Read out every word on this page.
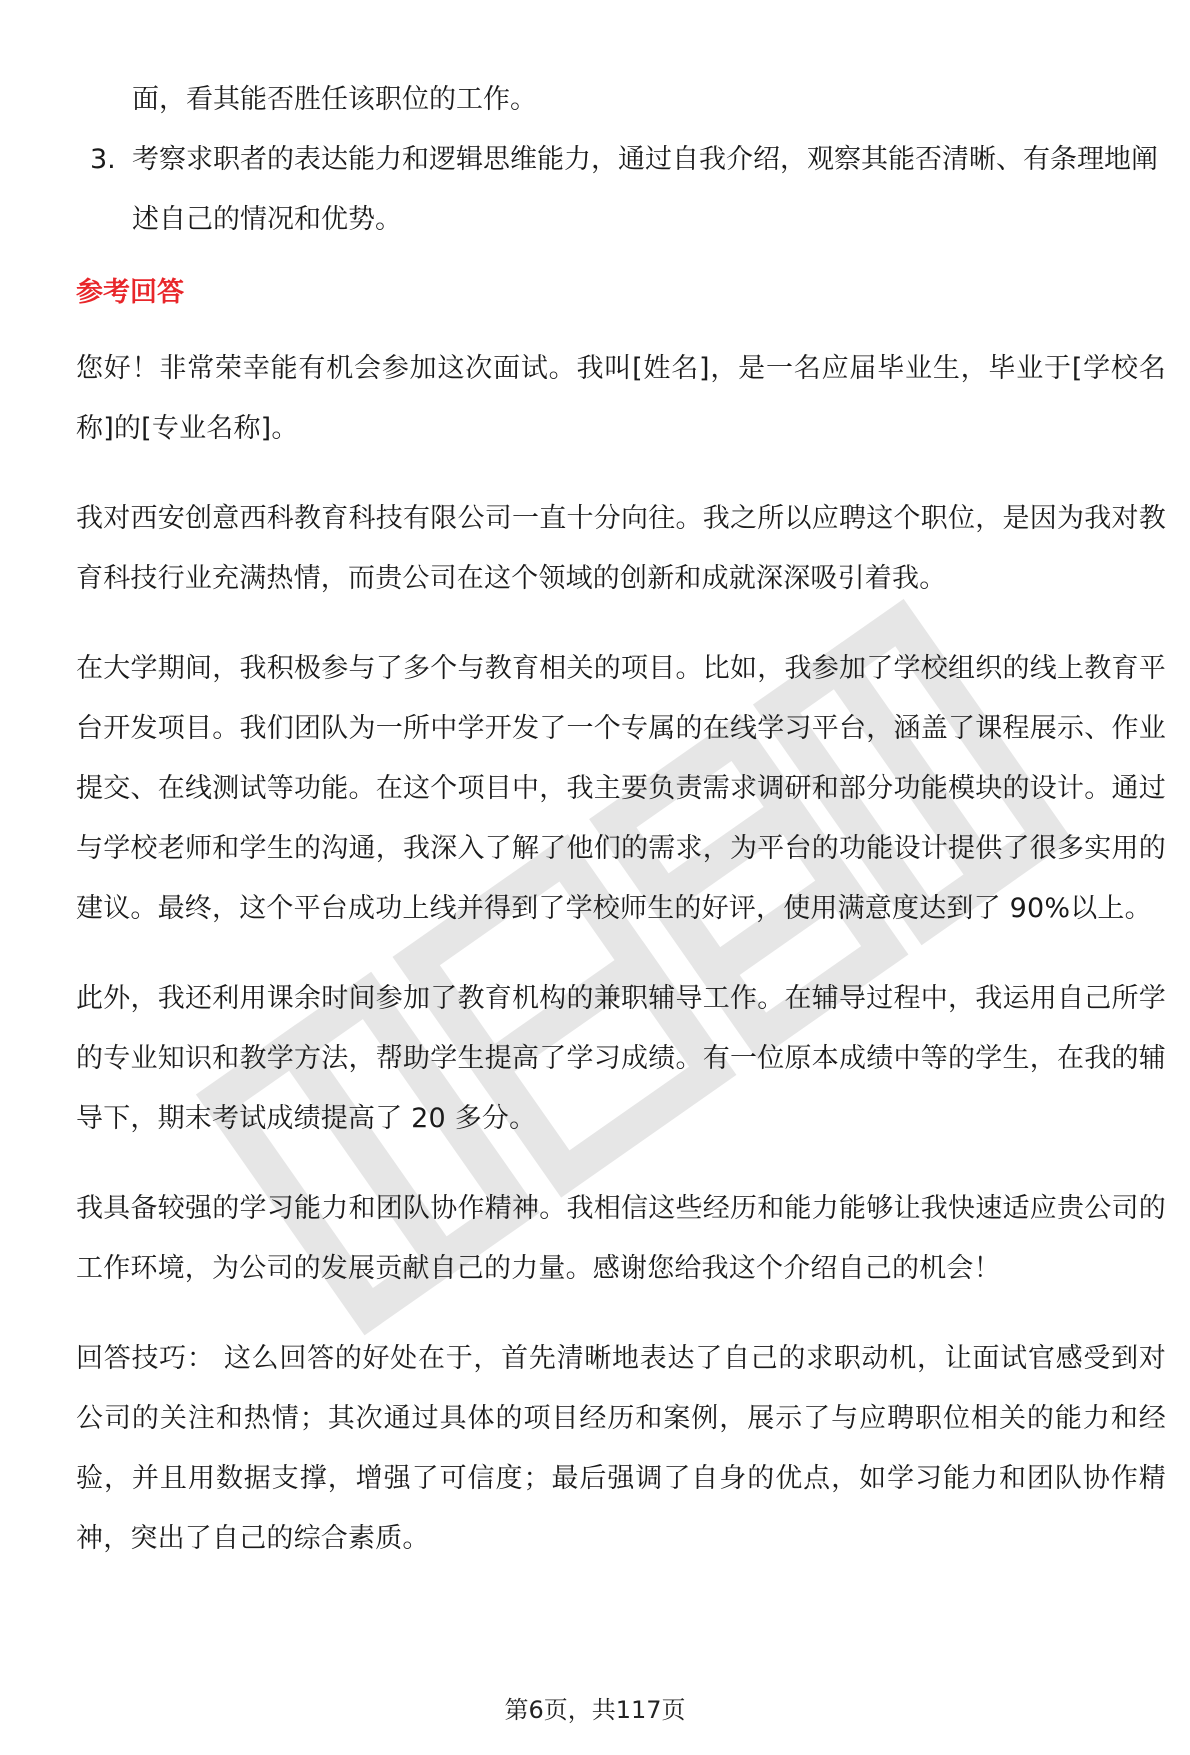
面，看其能否胜任该职位的工作。

3. 考察求职者的表达能力和逻辑思维能力，通过自我介绍，观察其能否清晰、有条理地阐述自己的情况和优势。
参考回答

您好！非常荣幸能有机会参加这次面试。我叫[姓名]，是一名应届毕业生，毕业于[学校名称]的[专业名称]。

我对西安创意西科教育科技有限公司一直十分向往。我之所以应聘这个职位，是因为我对教育科技行业充满热情，而贵公司在这个领域的创新和成就深深吸引着我。

在大学期间，我积极参与了多个与教育相关的项目。比如，我参加了学校组织的线上教育平台开发项目。我们团队为一所中学开发了一个专属的在线学习平台，涵盖了课程展示、作业提交、在线测试等功能。在这个项目中，我主要负责需求调研和部分功能模块的设计。通过与学校老师和学生的沟通，我深入了解了他们的需求，为平台的功能设计提供了很多实用的建议。最终，这个平台成功上线并得到了学校师生的好评，使用满意度达到了 90%以上。

此外，我还利用课余时间参加了教育机构的兼职辅导工作。在辅导过程中，我运用自己所学的专业知识和教学方法，帮助学生提高了学习成绩。有一位原本成绩中等的学生，在我的辅导下，期末考试成绩提高了 20 多分。

我具备较强的学习能力和团队协作精神。我相信这些经历和能力能够让我快速适应贵公司的工作环境，为公司的发展贡献自己的力量。感谢您给我这个介绍自己的机会！

回答技巧： 这么回答的好处在于，首先清晰地表达了自己的求职动机，让面试官感受到对公司的关注和热情；其次通过具体的项目经历和案例，展示了与应聘职位相关的能力和经验，并且用数据支撑，增强了可信度；最后强调了自身的优点，如学习能力和团队协作精神，突出了自己的综合素质。

第6页，共117页
